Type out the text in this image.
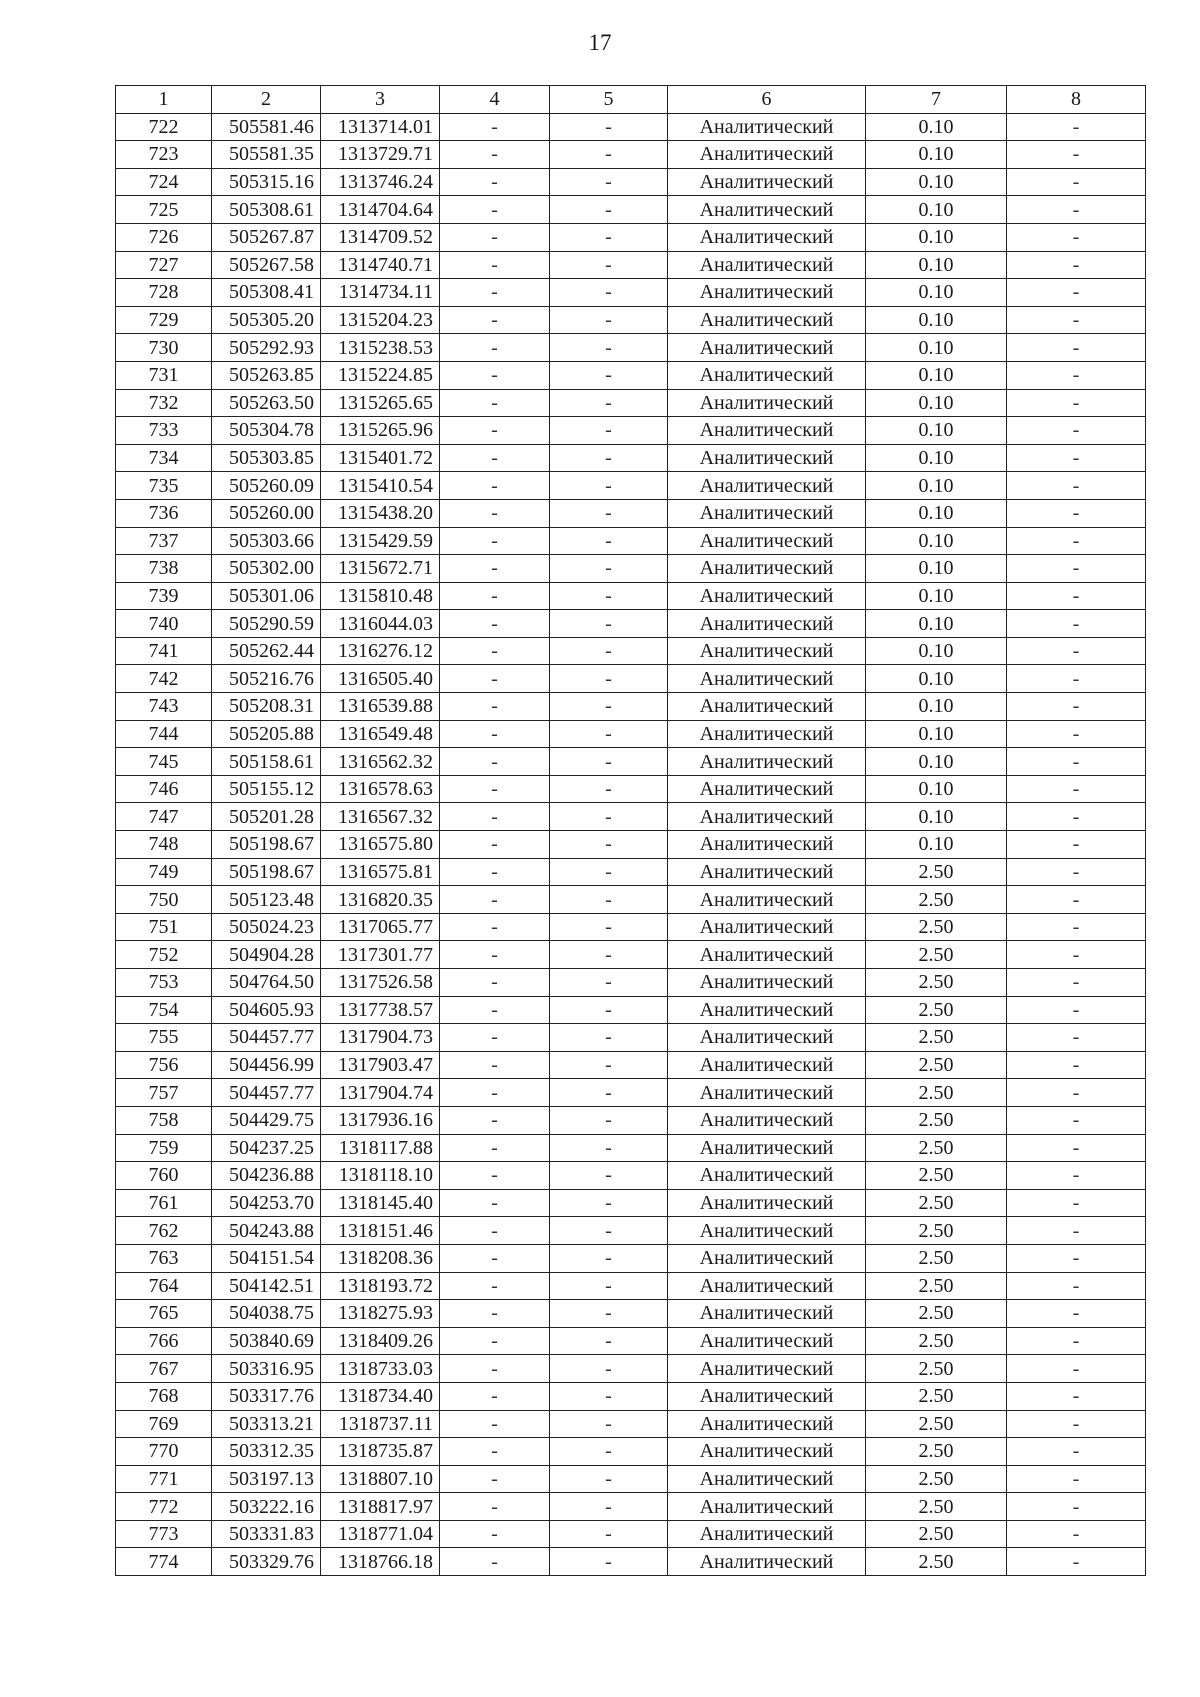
17
1	2	3	4	5	6	7	8
722	505581.46	1313714.01	-	-	Аналитический	0.10	-
723	505581.35	1313729.71	-	-	Аналитический	0.10	-
724	505315.16	1313746.24	-	-	Аналитический	0.10	-
725	505308.61	1314704.64	-	-	Аналитический	0.10	-
726	505267.87	1314709.52	-	-	Аналитический	0.10	-
727	505267.58	1314740.71	-	-	Аналитический	0.10	-
728	505308.41	1314734.11	-	-	Аналитический	0.10	-
729	505305.20	1315204.23	-	-	Аналитический	0.10	-
730	505292.93	1315238.53	-	-	Аналитический	0.10	-
731	505263.85	1315224.85	-	-	Аналитический	0.10	-
732	505263.50	1315265.65	-	-	Аналитический	0.10	-
733	505304.78	1315265.96	-	-	Аналитический	0.10	-
734	505303.85	1315401.72	-	-	Аналитический	0.10	-
735	505260.09	1315410.54	-	-	Аналитический	0.10	-
736	505260.00	1315438.20	-	-	Аналитический	0.10	-
737	505303.66	1315429.59	-	-	Аналитический	0.10	-
738	505302.00	1315672.71	-	-	Аналитический	0.10	-
739	505301.06	1315810.48	-	-	Аналитический	0.10	-
740	505290.59	1316044.03	-	-	Аналитический	0.10	-
741	505262.44	1316276.12	-	-	Аналитический	0.10	-
742	505216.76	1316505.40	-	-	Аналитический	0.10	-
743	505208.31	1316539.88	-	-	Аналитический	0.10	-
744	505205.88	1316549.48	-	-	Аналитический	0.10	-
745	505158.61	1316562.32	-	-	Аналитический	0.10	-
746	505155.12	1316578.63	-	-	Аналитический	0.10	-
747	505201.28	1316567.32	-	-	Аналитический	0.10	-
748	505198.67	1316575.80	-	-	Аналитический	0.10	-
749	505198.67	1316575.81	-	-	Аналитический	2.50	-
750	505123.48	1316820.35	-	-	Аналитический	2.50	-
751	505024.23	1317065.77	-	-	Аналитический	2.50	-
752	504904.28	1317301.77	-	-	Аналитический	2.50	-
753	504764.50	1317526.58	-	-	Аналитический	2.50	-
754	504605.93	1317738.57	-	-	Аналитический	2.50	-
755	504457.77	1317904.73	-	-	Аналитический	2.50	-
756	504456.99	1317903.47	-	-	Аналитический	2.50	-
757	504457.77	1317904.74	-	-	Аналитический	2.50	-
758	504429.75	1317936.16	-	-	Аналитический	2.50	-
759	504237.25	1318117.88	-	-	Аналитический	2.50	-
760	504236.88	1318118.10	-	-	Аналитический	2.50	-
761	504253.70	1318145.40	-	-	Аналитический	2.50	-
762	504243.88	1318151.46	-	-	Аналитический	2.50	-
763	504151.54	1318208.36	-	-	Аналитический	2.50	-
764	504142.51	1318193.72	-	-	Аналитический	2.50	-
765	504038.75	1318275.93	-	-	Аналитический	2.50	-
766	503840.69	1318409.26	-	-	Аналитический	2.50	-
767	503316.95	1318733.03	-	-	Аналитический	2.50	-
768	503317.76	1318734.40	-	-	Аналитический	2.50	-
769	503313.21	1318737.11	-	-	Аналитический	2.50	-
770	503312.35	1318735.87	-	-	Аналитический	2.50	-
771	503197.13	1318807.10	-	-	Аналитический	2.50	-
772	503222.16	1318817.97	-	-	Аналитический	2.50	-
773	503331.83	1318771.04	-	-	Аналитический	2.50	-
774	503329.76	1318766.18	-	-	Аналитический	2.50	-
